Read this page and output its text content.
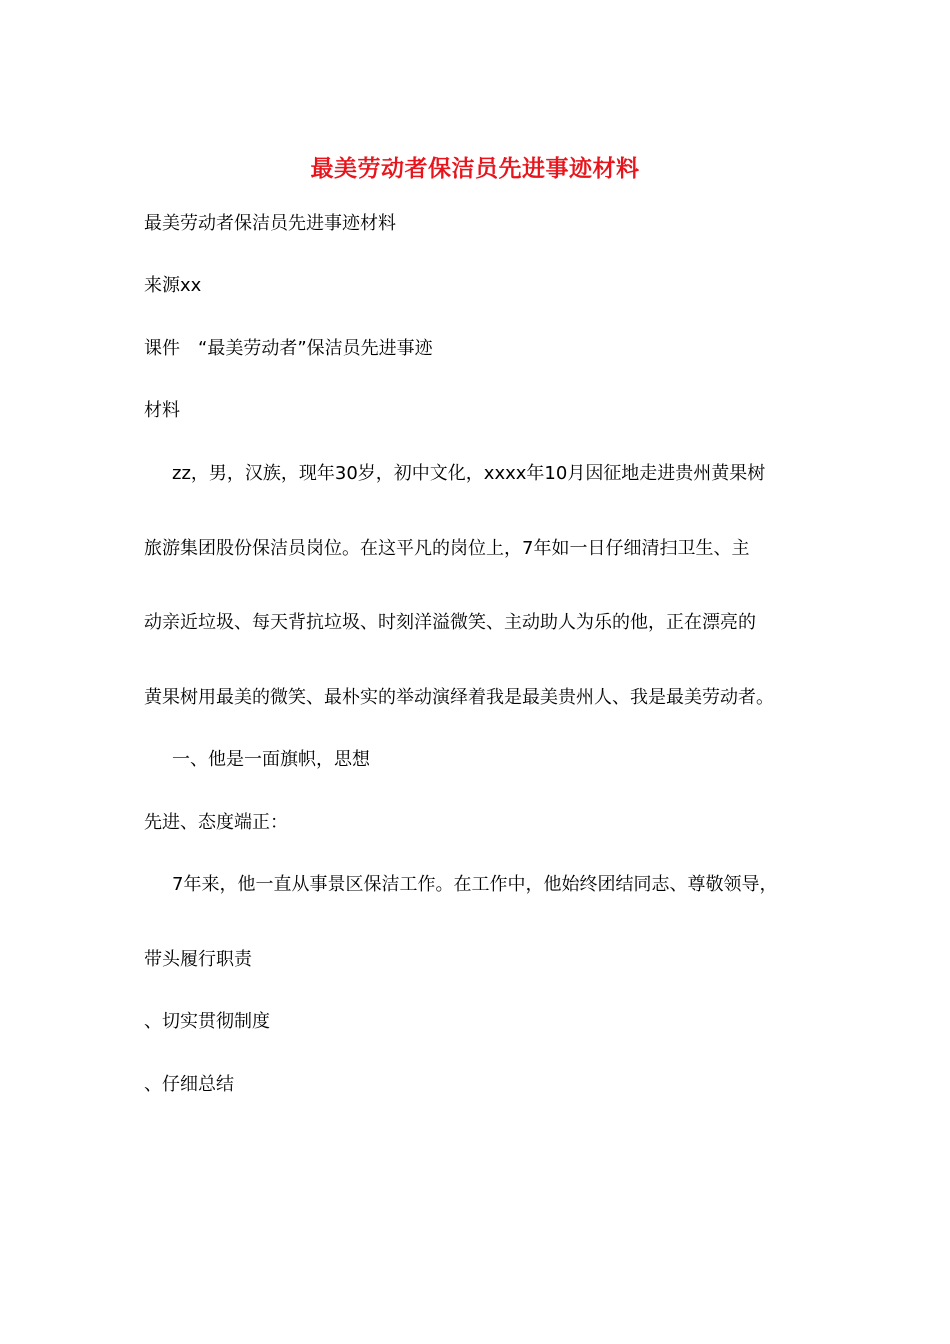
最美劳动者保洁员先进事迹材料
最美劳动者保洁员先进事迹材料
来源xx
课件　“最美劳动者”保洁员先进事迹
材料
zz，男，汉族，现年30岁，初中文化，xxxx年10月因征地走进贵州黄果树
旅游集团股份保洁员岗位。在这平凡的岗位上，7年如一日仔细清扫卫生、主
动亲近垃圾、每天背抗垃圾、时刻洋溢微笑、主动助人为乐的他，正在漂亮的
黄果树用最美的微笑、最朴实的举动演绎着我是最美贵州人、我是最美劳动者。
一、他是一面旗帜，思想
先进、态度端正：
7年来，他一直从事景区保洁工作。在工作中，他始终团结同志、尊敬领导，
带头履行职责
、切实贯彻制度
、仔细总结
